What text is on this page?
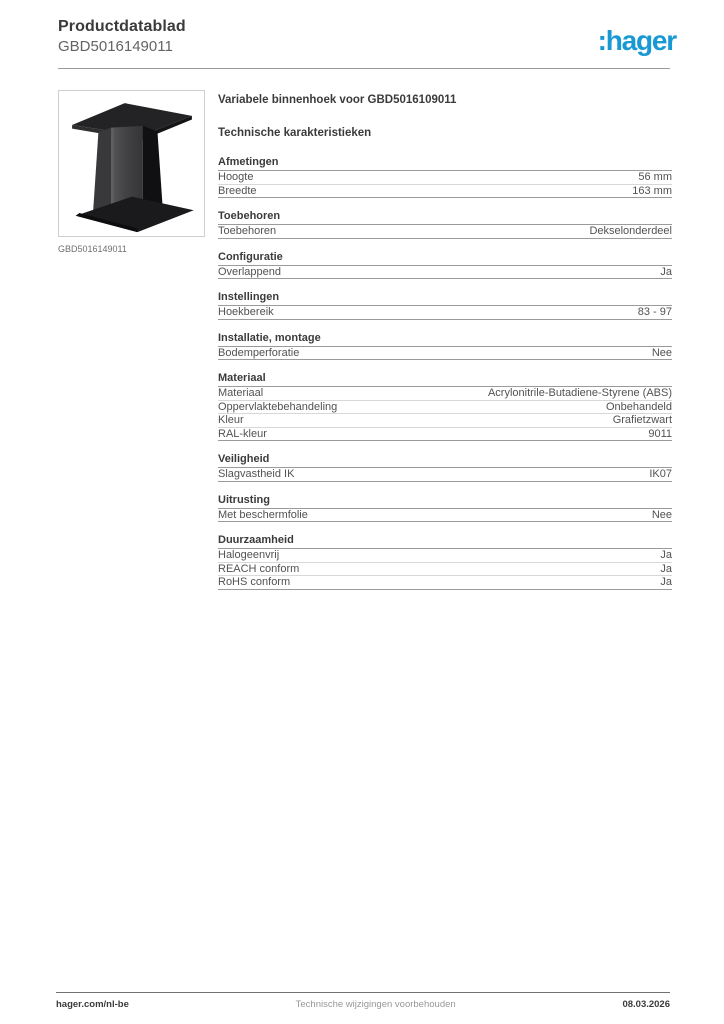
Productdatablad
GBD5016149011	:hager
GBD5016149011
Variabele binnenhoek voor GBD5016109011
Technische karakteristieken
Afmetingen
Hoogte	56 mm
Breedte	163 mm
Toebehoren
Toebehoren	Dekselonderdeel
Configuratie
Overlappend	Ja
Instellingen
Hoekbereik	83 - 97
Installatie, montage
Bodemperforatie	Nee
Materiaal
Materiaal	Acrylonitrile-Butadiene-Styrene (ABS)
Oppervlaktebehandeling	Onbehandeld
Kleur	Grafietzwart
RAL-kleur	9011
Veiligheid
Slagvastheid IK	IK07
Uitrusting
Met beschermfolie	Nee
Duurzaamheid
Halogeenvrij	Ja
REACH conform	Ja
RoHS conform	Ja
hager.com/nl-be	Technische wijzigingen voorbehouden	08.03.2026
